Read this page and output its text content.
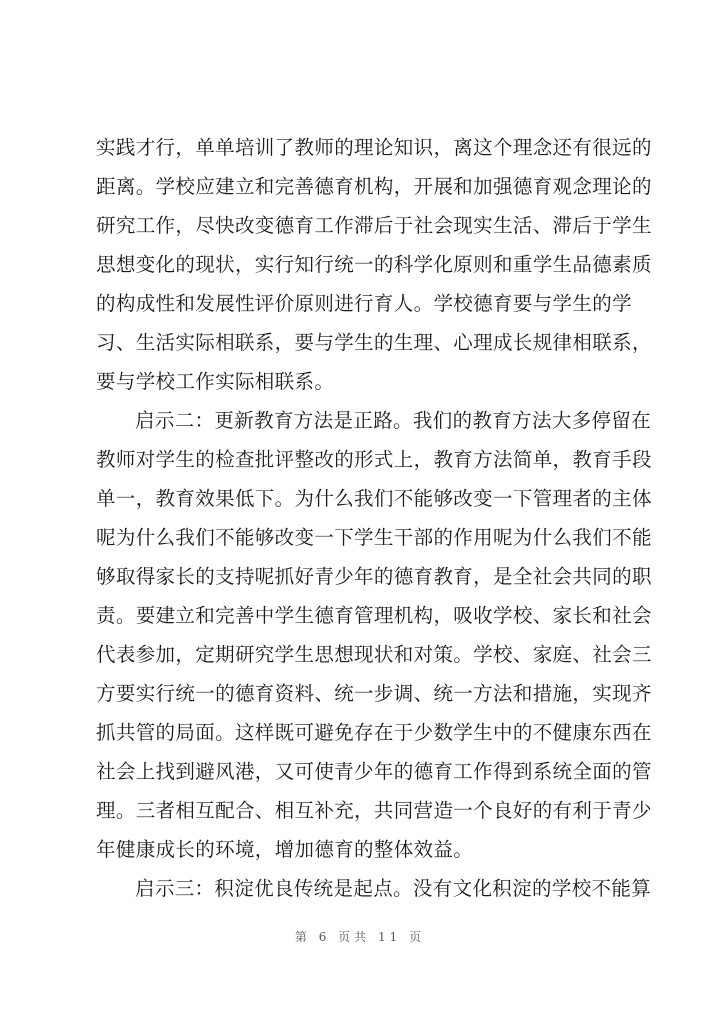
实践才行，单单培训了教师的理论知识，离这个理念还有很远的
距离。学校应建立和完善德育机构，开展和加强德育观念理论的
研究工作，尽快改变德育工作滞后于社会现实生活、滞后于学生
思想变化的现状，实行知行统一的科学化原则和重学生品德素质
的构成性和发展性评价原则进行育人。学校德育要与学生的学
习、生活实际相联系，要与学生的生理、心理成长规律相联系，
要与学校工作实际相联系。
启示二：更新教育方法是正路。我们的教育方法大多停留在
教师对学生的检查批评整改的形式上，教育方法简单，教育手段
单一，教育效果低下。为什么我们不能够改变一下管理者的主体
呢为什么我们不能够改变一下学生干部的作用呢为什么我们不能
够取得家长的支持呢抓好青少年的德育教育，是全社会共同的职
责。要建立和完善中学生德育管理机构，吸收学校、家长和社会
代表参加，定期研究学生思想现状和对策。学校、家庭、社会三
方要实行统一的德育资料、统一步调、统一方法和措施，实现齐
抓共管的局面。这样既可避免存在于少数学生中的不健康东西在
社会上找到避风港，又可使青少年的德育工作得到系统全面的管
理。三者相互配合、相互补充，共同营造一个良好的有利于青少
年健康成长的环境，增加德育的整体效益。
启示三：积淀优良传统是起点。没有文化积淀的学校不能算
第 6 页共 11 页
